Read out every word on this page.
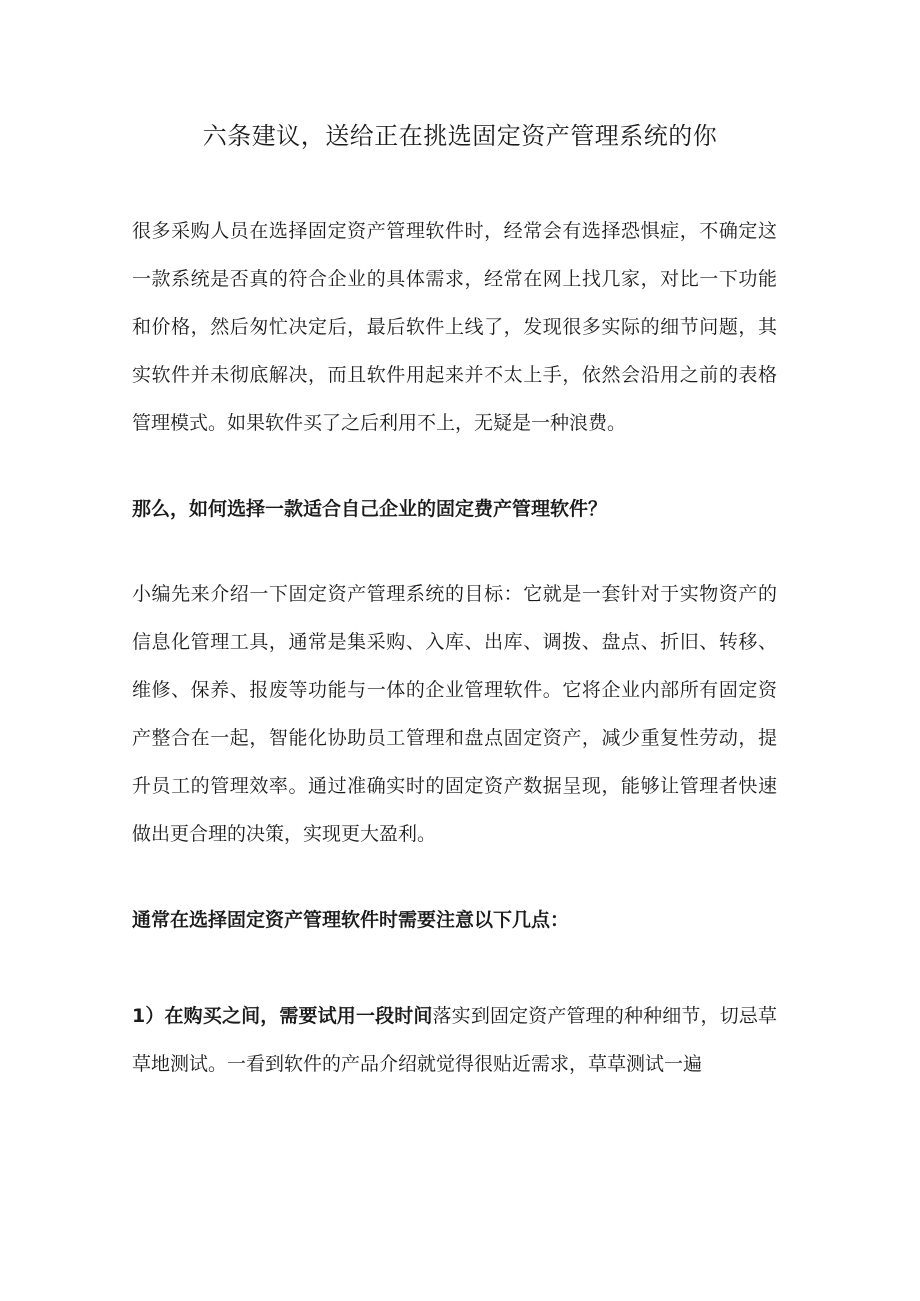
六条建议，送给正在挑选固定资产管理系统的你

很多采购人员在选择固定资产管理软件时，经常会有选择恐惧症，不确定这一款系统是否真的符合企业的具体需求，经常在网上找几家，对比一下功能和价格，然后匆忙决定后，最后软件上线了，发现很多实际的细节问题，其实软件并未彻底解决，而且软件用起来并不太上手，依然会沿用之前的表格管理模式。如果软件买了之后利用不上，无疑是一种浪费。

那么，如何选择一款适合自己企业的固定费产管理软件？

小编先来介绍一下固定资产管理系统的目标：它就是一套针对于实物资产的信息化管理工具，通常是集采购、入库、出库、调拨、盘点、折旧、转移、维修、保养、报废等功能与一体的企业管理软件。它将企业内部所有固定资产整合在一起，智能化协助员工管理和盘点固定资产，减少重复性劳动，提升员工的管理效率。通过准确实时的固定资产数据呈现，能够让管理者快速做出更合理的决策，实现更大盈利。

通常在选择固定资产管理软件时需要注意以下几点：

1）在购买之间，需要试用一段时间落实到固定资产管理的种种细节，切忌草草地测试。一看到软件的产品介绍就觉得很贴近需求，草草测试一遍
